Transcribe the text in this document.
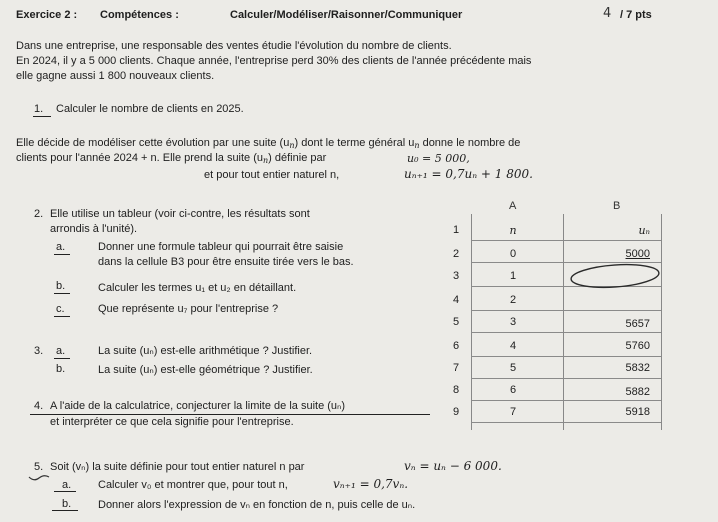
Exercice 2 : Compétences :	Calculer/Modéliser/Raisonner/Communiquer	4 / 7 pts
Dans une entreprise, une responsable des ventes étudie l'évolution du nombre de clients.
En 2024, il y a 5 000 clients. Chaque année, l'entreprise perd 30% des clients de l'année précédente mais
elle gagne aussi 1 800 nouveaux clients.
1. Calculer le nombre de clients en 2025.
Elle décide de modéliser cette évolution par une suite (un) dont le terme général un donne le nombre de
clients pour l'année 2024 + n. Elle prend la suite (un) définie par	u₀ = 5 000,
et pour tout entier naturel n,	uₙ₊₁ = 0,7uₙ + 1 800.
2. Elle utilise un tableur (voir ci-contre, les résultats sont
arrondis à l'unité).
a.	Donner une formule tableur qui pourrait être saisie
dans la cellule B3 pour être ensuite tirée vers le bas.
b.	Calculer les termes u₁ et u₂ en détaillant.
c.	Que représente u₇ pour l'entreprise ?
3. a.	La suite (uₙ) est-elle arithmétique ? Justifier.
b.	La suite (uₙ) est-elle géométrique ? Justifier.
4. A l'aide de la calculatrice, conjecturer la limite de la suite (uₙ)
et interpréter ce que cela signifie pour l'entreprise.
5. Soit (vₙ) la suite définie pour tout entier naturel n par	vₙ = uₙ − 6 000.
a. Calculer v₀ et montrer que, pour tout n,	vₙ₊₁ = 0,7vₙ.
b. Donner alors l'expression de vₙ en fonction de n, puis celle de uₙ.
A	B
1	n	uₙ
2	0	5000
3	1
4	2
5	3	5657
6	4	5760
7	5	5832
8	6	5882
9	7	5918
